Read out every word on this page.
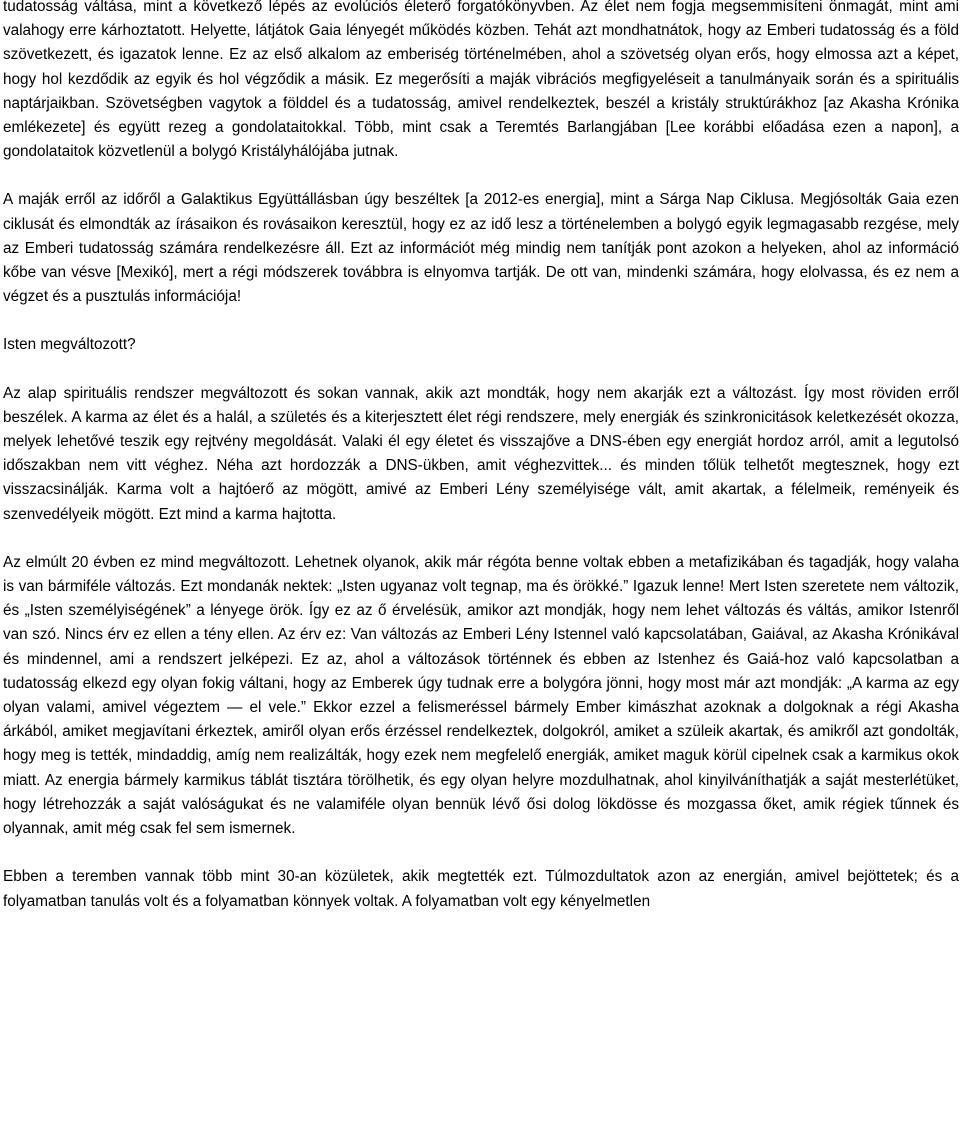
tudatosság váltása, mint a következő lépés az evolúciós életerő forgatókönyvben. Az élet nem fogja megsemmisíteni önmagát, mint ami valahogy erre kárhoztatott. Helyette, látjátok Gaia lényegét működés közben. Tehát azt mondhatnátok, hogy az Emberi tudatosság és a föld szövetkezett, és igazatok lenne. Ez az első alkalom az emberiség történelmében, ahol a szövetség olyan erős, hogy elmossa azt a képet, hogy hol kezdődik az egyik és hol végződik a másik. Ez megerősíti a maják vibrációs megfigyeléseit a tanulmányaik során és a spirituális naptárjaikban. Szövetségben vagytok a földdel és a tudatosság, amivel rendelkeztek, beszél a kristály struktúrákhoz [az Akasha Krónika emlékezete] és együtt rezeg a gondolataitokkal. Több, mint csak a Teremtés Barlangjában [Lee korábbi előadása ezen a napon], a gondolataitok közvetlenül a bolygó Kristályhálójába jutnak.

A maják erről az időről a Galaktikus Együttállásban úgy beszéltek [a 2012-es energia], mint a Sárga Nap Ciklusa. Megjósolták Gaia ezen ciklusát és elmondták az írásaikon és rovásaikon keresztül, hogy ez az idő lesz a történelemben a bolygó egyik legmagasabb rezgése, mely az Emberi tudatosság számára rendelkezésre áll. Ezt az információt még mindig nem tanítják pont azokon a helyeken, ahol az információ kőbe van vésve [Mexikó], mert a régi módszerek továbbra is elnyomva tartják. De ott van, mindenki számára, hogy elolvassa, és ez nem a végzet és a pusztulás információja!

Isten megváltozott?

Az alap spirituális rendszer megváltozott és sokan vannak, akik azt mondták, hogy nem akarják ezt a változást. Így most röviden erről beszélek. A karma az élet és a halál, a születés és a kiterjesztett élet régi rendszere, mely energiák és szinkronicitások keletkezését okozza, melyek lehetővé teszik egy rejtvény megoldását. Valaki él egy életet és visszajőve a DNS-ében egy energiát hordoz arról, amit a legutolsó időszakban nem vitt véghez. Néha azt hordozzák a DNS-ükben, amit véghezvittek... és minden tőlük telhetőt megtesznek, hogy ezt visszacsinálják. Karma volt a hajtóerő az mögött, amivé az Emberi Lény személyisége vált, amit akartak, a félelmeik, reményeik és szenvedélyeik mögött. Ezt mind a karma hajtotta.

Az elmúlt 20 évben ez mind megváltozott. Lehetnek olyanok, akik már régóta benne voltak ebben a metafizikában és tagadják, hogy valaha is van bármiféle változás. Ezt mondanák nektek: „Isten ugyanaz volt tegnap, ma és örökké.” Igazuk lenne! Mert Isten szeretete nem változik, és „Isten személyiségének” a lényege örök. Így ez az ő érvelésük, amikor azt mondják, hogy nem lehet változás és váltás, amikor Istenről van szó. Nincs érv ez ellen a tény ellen. Az érv ez: Van változás az Emberi Lény Istennel való kapcsolatában, Gaiával, az Akasha Krónikával és mindennel, ami a rendszert jelképezi. Ez az, ahol a változások történnek és ebben az Istenhez és Gaiá-hoz való kapcsolatban a tudatosság elkezd egy olyan fokig váltani, hogy az Emberek úgy tudnak erre a bolygóra jönni, hogy most már azt mondják: „A karma az egy olyan valami, amivel végeztem — el vele.” Ekkor ezzel a felismeréssel bármely Ember kimászhat azoknak a dolgoknak a régi Akasha árkából, amiket megjavítani érkeztek, amiről olyan erős érzéssel rendelkeztek, dolgokról, amiket a szüleik akartak, és amikről azt gondolták, hogy meg is tették, mindaddig, amíg nem realizálták, hogy ezek nem megfelelő energiák, amiket maguk körül cipelnek csak a karmikus okok miatt. Az energia bármely karmikus táblát tisztára törölhetik, és egy olyan helyre mozdulhatnak, ahol kinyilváníthatják a saját mesterlétüket, hogy létrehozzák a saját valóságukat és ne valamiféle olyan bennük lévő ősi dolog lökdösse és mozgassa őket, amik régiek tűnnek és olyannak, amit még csak fel sem ismernek.

Ebben a teremben vannak több mint 30-an közületek, akik megtették ezt. Túlmozdultatok azon az energián, amivel bejöttetek; és a folyamatban tanulás volt és a folyamatban könnyek voltak. A folyamatban volt egy kényelmetlen
